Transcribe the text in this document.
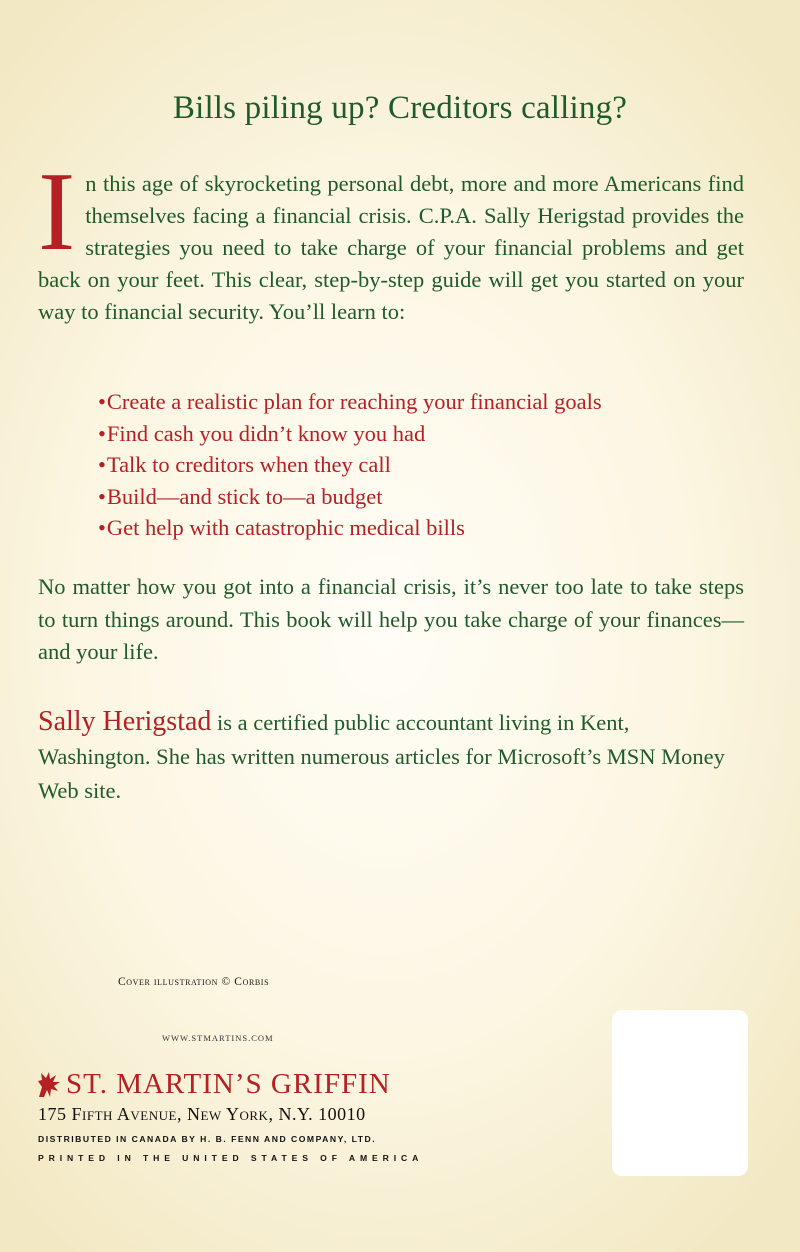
Bills piling up? Creditors calling?

In this age of skyrocketing personal debt, more and more Americans find themselves facing a financial crisis. C.P.A. Sally Herigstad provides the strategies you need to take charge of your financial problems and get back on your feet. This clear, step-by-step guide will get you started on your way to financial security. You’ll learn to:

• Create a realistic plan for reaching your financial goals
• Find cash you didn’t know you had
• Talk to creditors when they call
• Build—and stick to—a budget
• Get help with catastrophic medical bills

No matter how you got into a financial crisis, it’s never too late to take steps to turn things around. This book will help you take charge of your finances—and your life.

Sally Herigstad is a certified public accountant living in Kent, Washington. She has written numerous articles for Microsoft’s MSN Money Web site.

Cover illustration © Corbis

WWW.STMARTINS.COM

ST. MARTIN’S GRIFFIN

175 Fifth Avenue, New York, N.Y. 10010

DISTRIBUTED IN CANADA BY H. B. FENN AND COMPANY, LTD.

PRINTED IN THE UNITED STATES OF AMERICA
